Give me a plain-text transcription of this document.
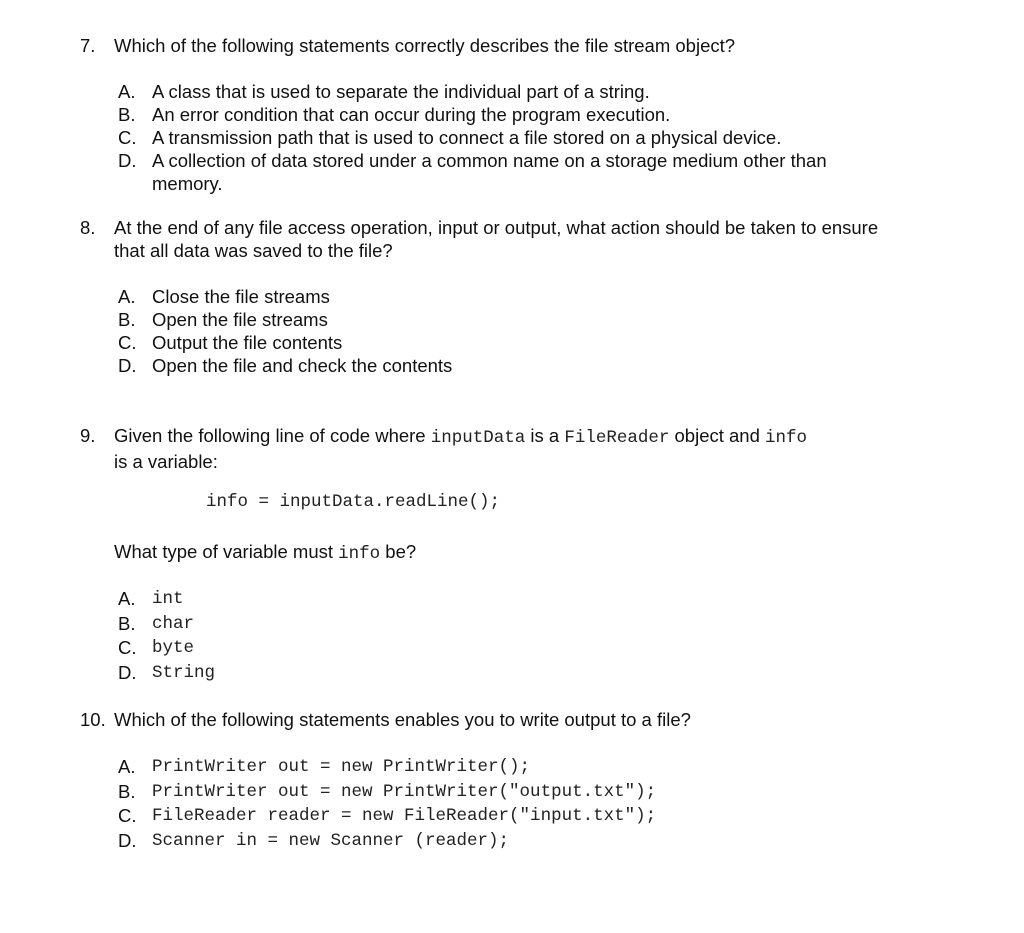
7. Which of the following statements correctly describes the file stream object?
A. A class that is used to separate the individual part of a string.
B. An error condition that can occur during the program execution.
C. A transmission path that is used to connect a file stored on a physical device.
D. A collection of data stored under a common name on a storage medium other than memory.
8. At the end of any file access operation, input or output, what action should be taken to ensure that all data was saved to the file?
A. Close the file streams
B. Open the file streams
C. Output the file contents
D. Open the file and check the contents
9. Given the following line of code where inputData is a FileReader object and info
is a variable:
info = inputData.readLine();
What type of variable must info be?
A. int
B. char
C. byte
D. String
10. Which of the following statements enables you to write output to a file?
A. PrintWriter out = new PrintWriter();
B. PrintWriter out = new PrintWriter("output.txt");
C. FileReader reader = new FileReader("input.txt");
D. Scanner in = new Scanner (reader);
